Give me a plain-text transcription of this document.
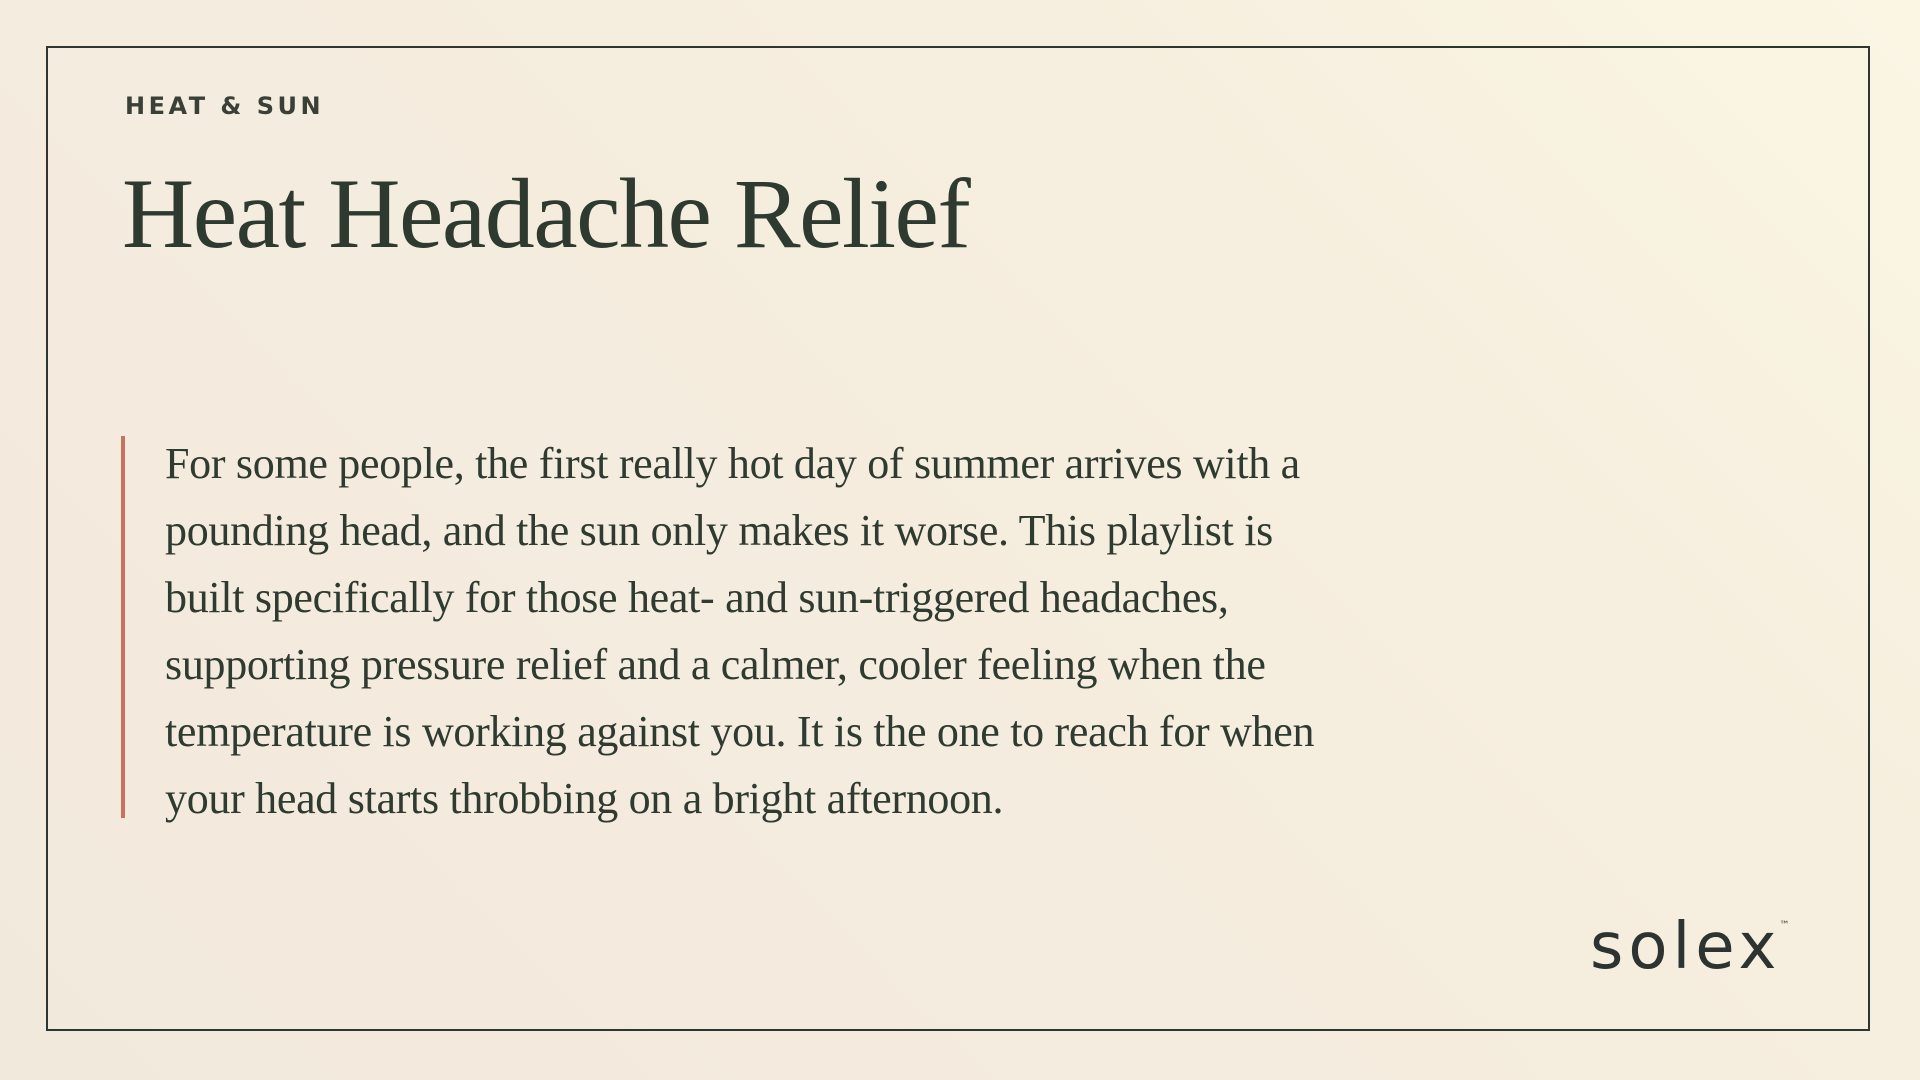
HEAT & SUN

Heat Headache Relief

For some people, the first really hot day of summer arrives with a pounding head, and the sun only makes it worse. This playlist is built specifically for those heat- and sun-triggered headaches, supporting pressure relief and a calmer, cooler feeling when the temperature is working against you. It is the one to reach for when your head starts throbbing on a bright afternoon.

solex™
